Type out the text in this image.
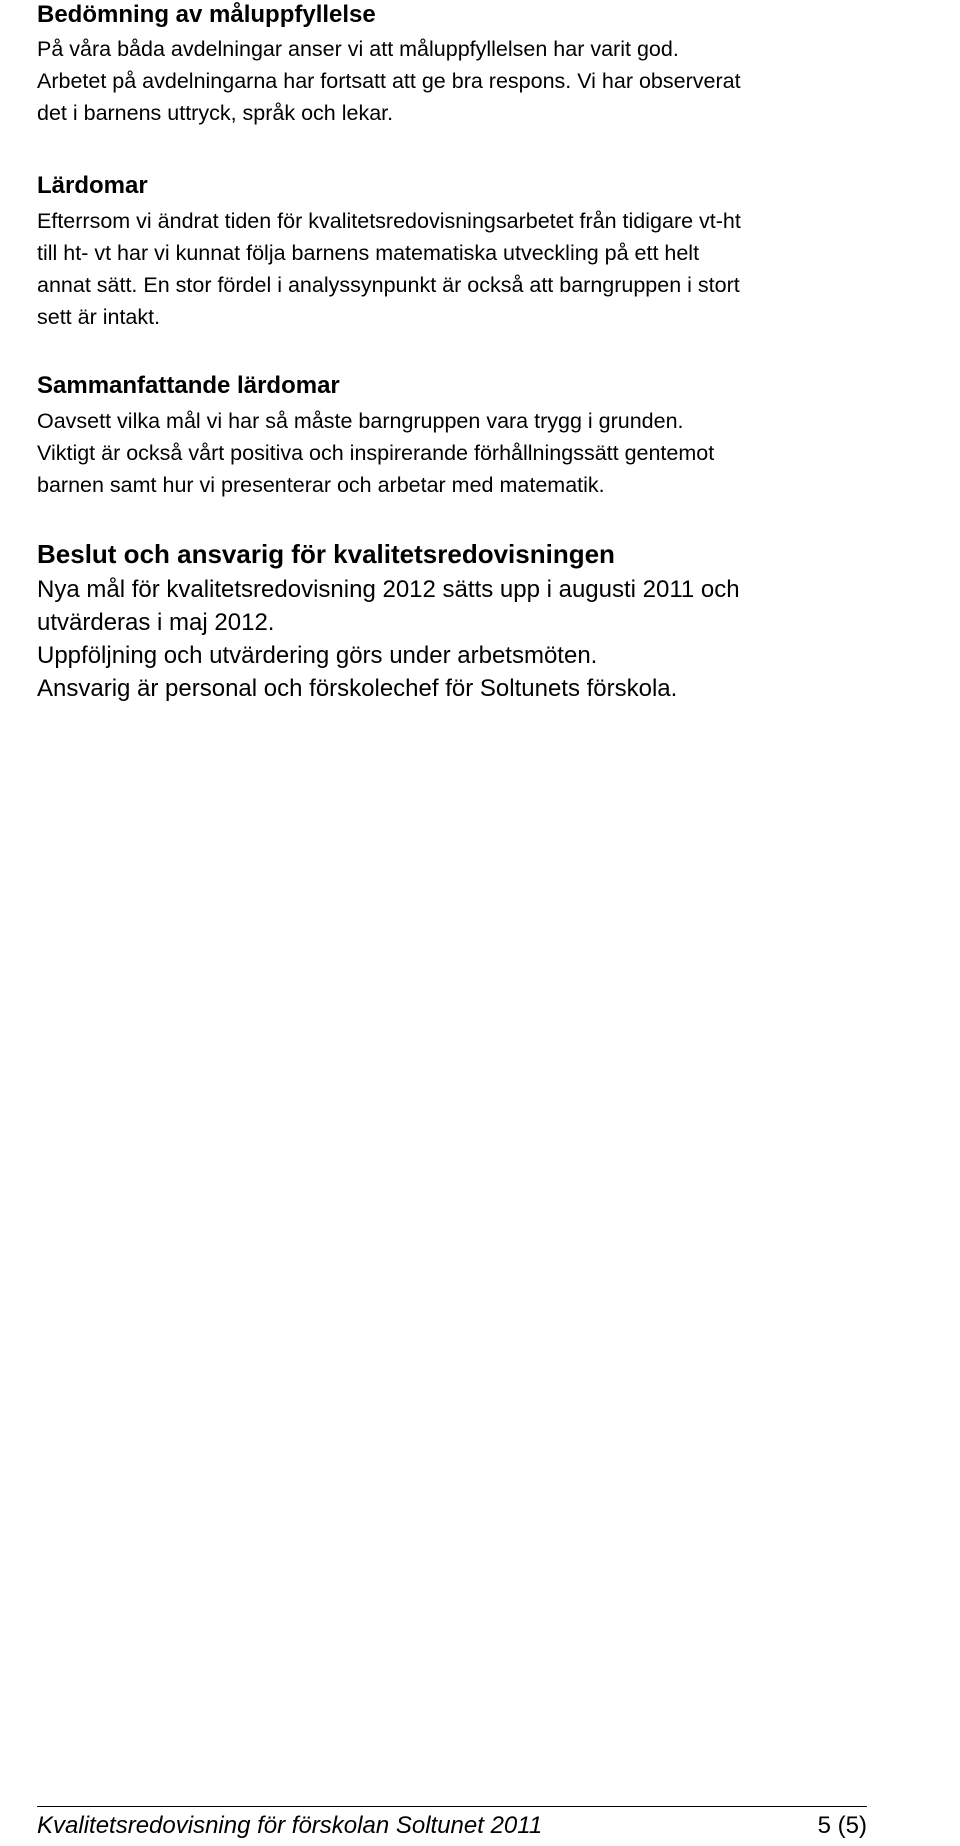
Bedömning av måluppfyllelse

På våra båda avdelningar anser vi att måluppfyllelsen har varit god.
Arbetet på avdelningarna har fortsatt att ge bra respons. Vi har observerat
det i barnens uttryck, språk och lekar.

Lärdomar

Efterrsom vi ändrat tiden för kvalitetsredovisningsarbetet från tidigare vt-ht
till ht- vt har vi kunnat följa barnens matematiska utveckling på ett helt
annat sätt. En stor fördel i analyssynpunkt är också att barngruppen i stort
sett är intakt.

Sammanfattande lärdomar

Oavsett vilka mål vi har så måste barngruppen vara trygg i grunden.
Viktigt är också vårt positiva och inspirerande förhållningssätt gentemot
barnen samt hur vi presenterar och arbetar med matematik.

Beslut och ansvarig för kvalitetsredovisningen

Nya mål för kvalitetsredovisning 2012 sätts upp i augusti 2011 och
utvärderas i maj 2012.
Uppföljning och utvärdering görs under arbetsmöten.
Ansvarig är personal och förskolechef för Soltunets förskola.

Kvalitetsredovisning för förskolan Soltunet 2011	5 (5)
